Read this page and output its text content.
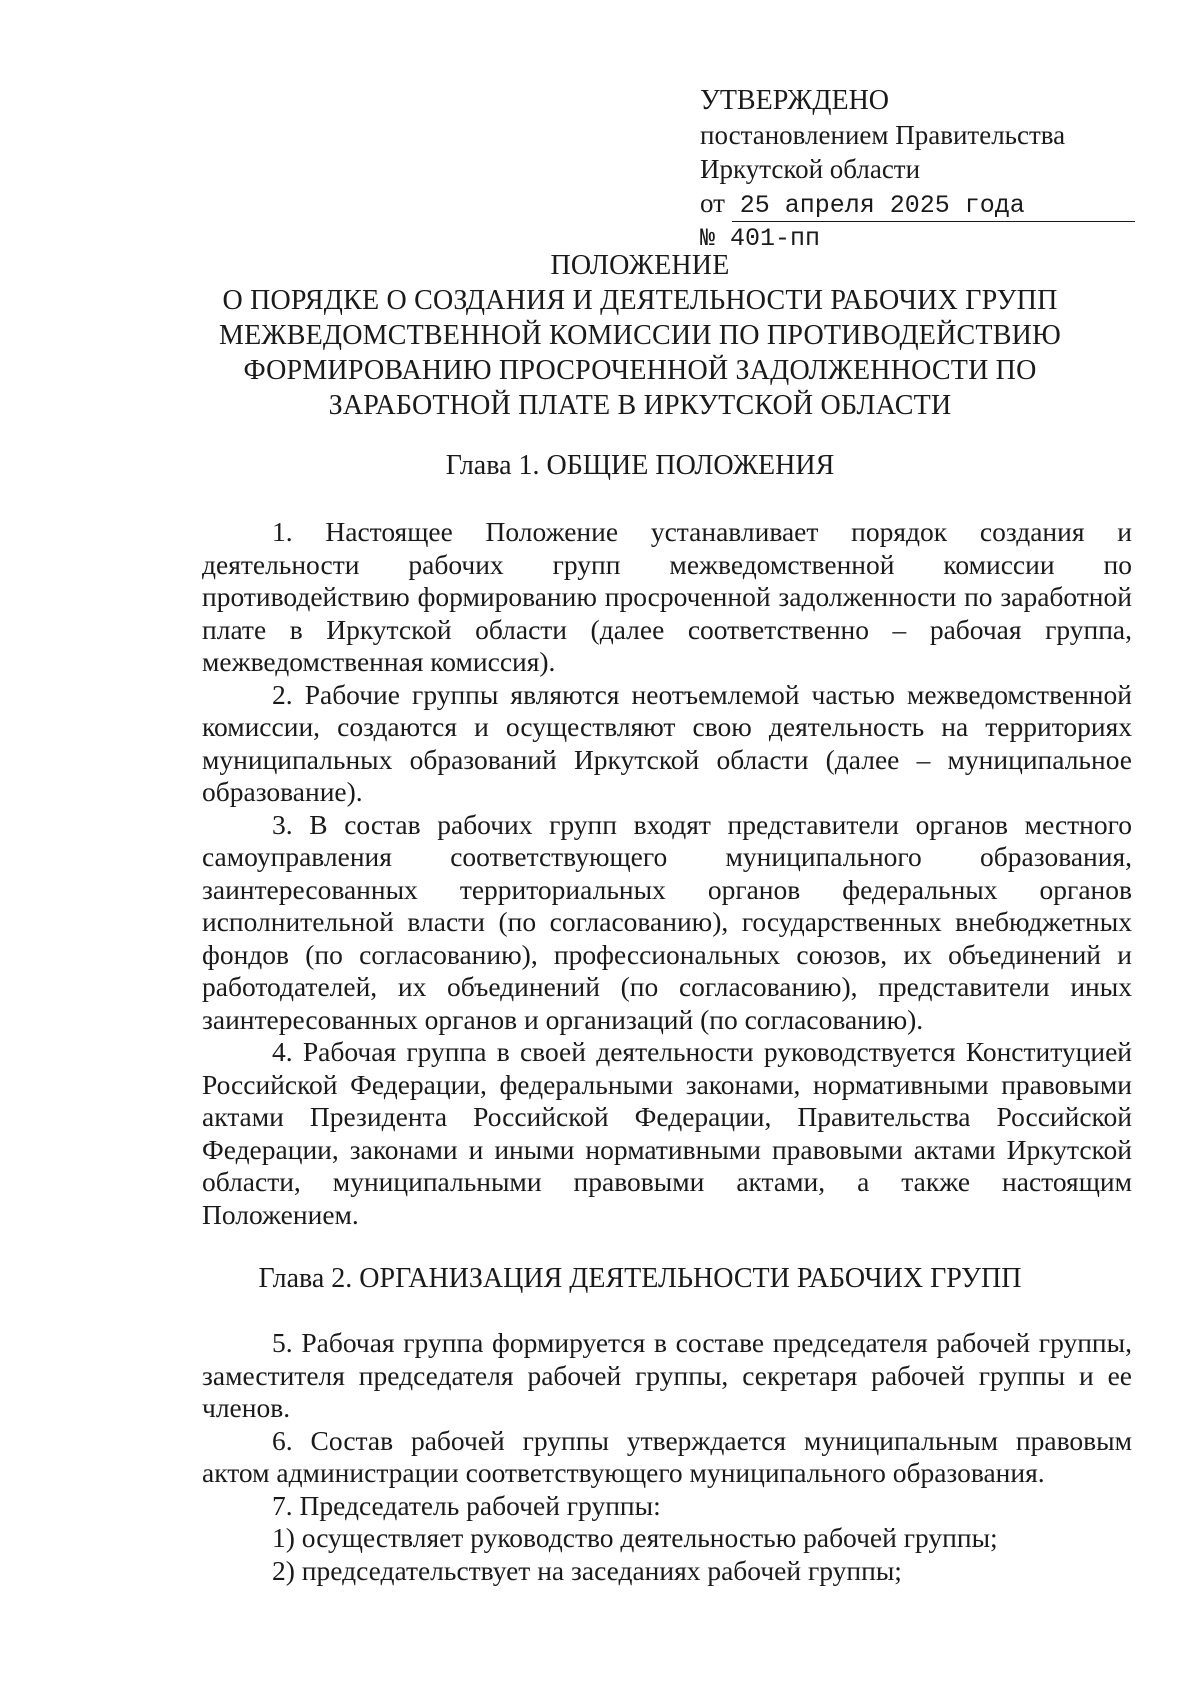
УТВЕРЖДЕНО
постановлением Правительства
Иркутской области
от 25 апреля 2025 года
№ 401-пп
ПОЛОЖЕНИЕ
О ПОРЯДКЕ О СОЗДАНИЯ И ДЕЯТЕЛЬНОСТИ РАБОЧИХ ГРУПП
МЕЖВЕДОМСТВЕННОЙ КОМИССИИ ПО ПРОТИВОДЕЙСТВИЮ
ФОРМИРОВАНИЮ ПРОСРОЧЕННОЙ ЗАДОЛЖЕННОСТИ ПО
ЗАРАБОТНОЙ ПЛАТЕ В ИРКУТСКОЙ ОБЛАСТИ
Глава 1. ОБЩИЕ ПОЛОЖЕНИЯ

1. Настоящее Положение устанавливает порядок создания и деятельности рабочих групп межведомственной комиссии по противодействию формированию просроченной задолженности по заработной плате в Иркутской области (далее соответственно – рабочая группа, межведомственная комиссия).

2. Рабочие группы являются неотъемлемой частью межведомственной комиссии, создаются и осуществляют свою деятельность на территориях муниципальных образований Иркутской области (далее – муниципальное образование).

3. В состав рабочих групп входят представители органов местного самоуправления соответствующего муниципального образования, заинтересованных территориальных органов федеральных органов исполнительной власти (по согласованию), государственных внебюджетных фондов (по согласованию), профессиональных союзов, их объединений и работодателей, их объединений (по согласованию), представители иных заинтересованных органов и организаций (по согласованию).

4. Рабочая группа в своей деятельности руководствуется Конституцией Российской Федерации, федеральными законами, нормативными правовыми актами Президента Российской Федерации, Правительства Российской Федерации, законами и иными нормативными правовыми актами Иркутской области, муниципальными правовыми актами, а также настоящим Положением.

Глава 2. ОРГАНИЗАЦИЯ ДЕЯТЕЛЬНОСТИ РАБОЧИХ ГРУПП

5. Рабочая группа формируется в составе председателя рабочей группы, заместителя председателя рабочей группы, секретаря рабочей группы и ее членов.

6. Состав рабочей группы утверждается муниципальным правовым актом администрации соответствующего муниципального образования.

7. Председатель рабочей группы:

1) осуществляет руководство деятельностью рабочей группы;

2) председательствует на заседаниях рабочей группы;
